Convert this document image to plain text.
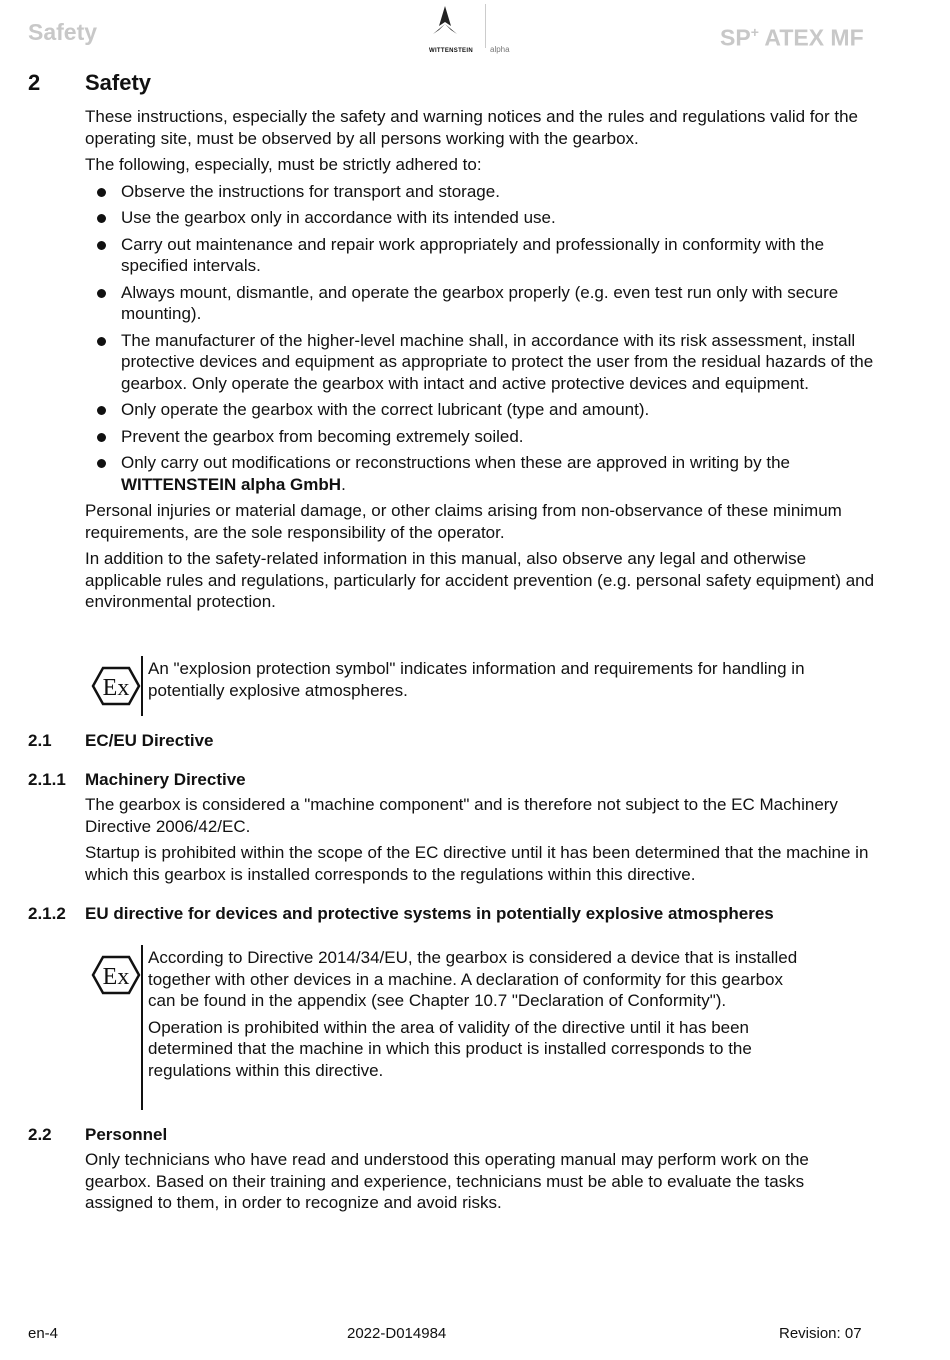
Safety
WITTENSTEIN alpha	SP+ ATEX MF
2 Safety

These instructions, especially the safety and warning notices and the rules and regulations valid for the operating site, must be observed by all persons working with the gearbox.

The following, especially, must be strictly adhered to:

Observe the instructions for transport and storage.
Use the gearbox only in accordance with its intended use.
Carry out maintenance and repair work appropriately and professionally in conformity with the specified intervals.
Always mount, dismantle, and operate the gearbox properly (e.g. even test run only with secure mounting).
The manufacturer of the higher-level machine shall, in accordance with its risk assessment, install protective devices and equipment as appropriate to protect the user from the residual hazards of the gearbox. Only operate the gearbox with intact and active protective devices and equipment.
Only operate the gearbox with the correct lubricant (type and amount).
Prevent the gearbox from becoming extremely soiled.
Only carry out modifications or reconstructions when these are approved in writing by the WITTENSTEIN alpha GmbH.

Personal injuries or material damage, or other claims arising from non-observance of these minimum requirements, are the sole responsibility of the operator.

In addition to the safety-related information in this manual, also observe any legal and otherwise applicable rules and regulations, particularly for accident prevention (e.g. personal safety equipment) and environmental protection.

Ex
An "explosion protection symbol" indicates information and requirements for handling in potentially explosive atmospheres.
2.1 EC/EU Directive
2.1.1 Machinery Directive

The gearbox is considered a "machine component" and is therefore not subject to the EC Machinery Directive 2006/42/EC.

Startup is prohibited within the scope of the EC directive until it has been determined that the machine in which this gearbox is installed corresponds to the regulations within this directive.

2.1.2 EU directive for devices and protective systems in potentially explosive atmospheres
Ex

According to Directive 2014/34/EU, the gearbox is considered a device that is installed together with other devices in a machine. A declaration of conformity for this gearbox can be found in the appendix (see Chapter 10.7 "Declaration of Conformity").

Operation is prohibited within the area of validity of the directive until it has been determined that the machine in which this product is installed corresponds to the regulations within this directive.

2.2 Personnel

Only technicians who have read and understood this operating manual may perform work on the gearbox. Based on their training and experience, technicians must be able to evaluate the tasks assigned to them, in order to recognize and avoid risks.

en-4	2022-D014984	Revision: 07
